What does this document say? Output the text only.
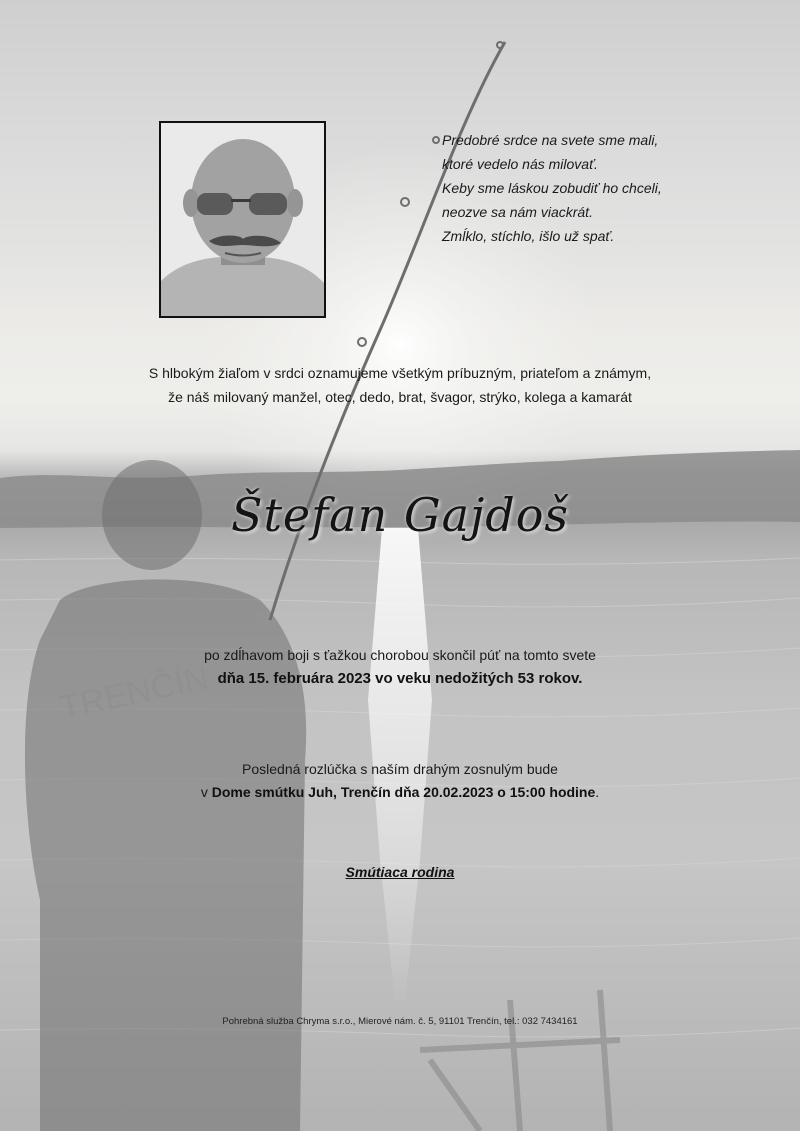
TRENČÍN
Predobré srdce na svete sme mali,
ktoré vedelo nás milovať.
Keby sme láskou zobudiť ho chceli,
neozve sa nám viackrát.
Zmĺklo, stíchlo, išlo už spať.
S hlbokým žiaľom v srdci oznamujeme všetkým príbuzným, priateľom a známym,
že náš milovaný manžel, otec, dedo, brat, švagor, strýko, kolega a kamarát
Štefan Gajdoš
po zdĺhavom boji s ťažkou chorobou skončil púť na tomto svete
dňa 15. februára 2023 vo veku nedožitých 53 rokov.
Posledná rozlúčka s naším drahým zosnulým bude
v Dome smútku Juh, Trenčín dňa 20.02.2023 o 15:00 hodine.
Smútiaca rodina
Pohrebná služba Chryma s.r.o., Mierové nám. č. 5, 91101 Trenčín, tel.: 032 7434161
